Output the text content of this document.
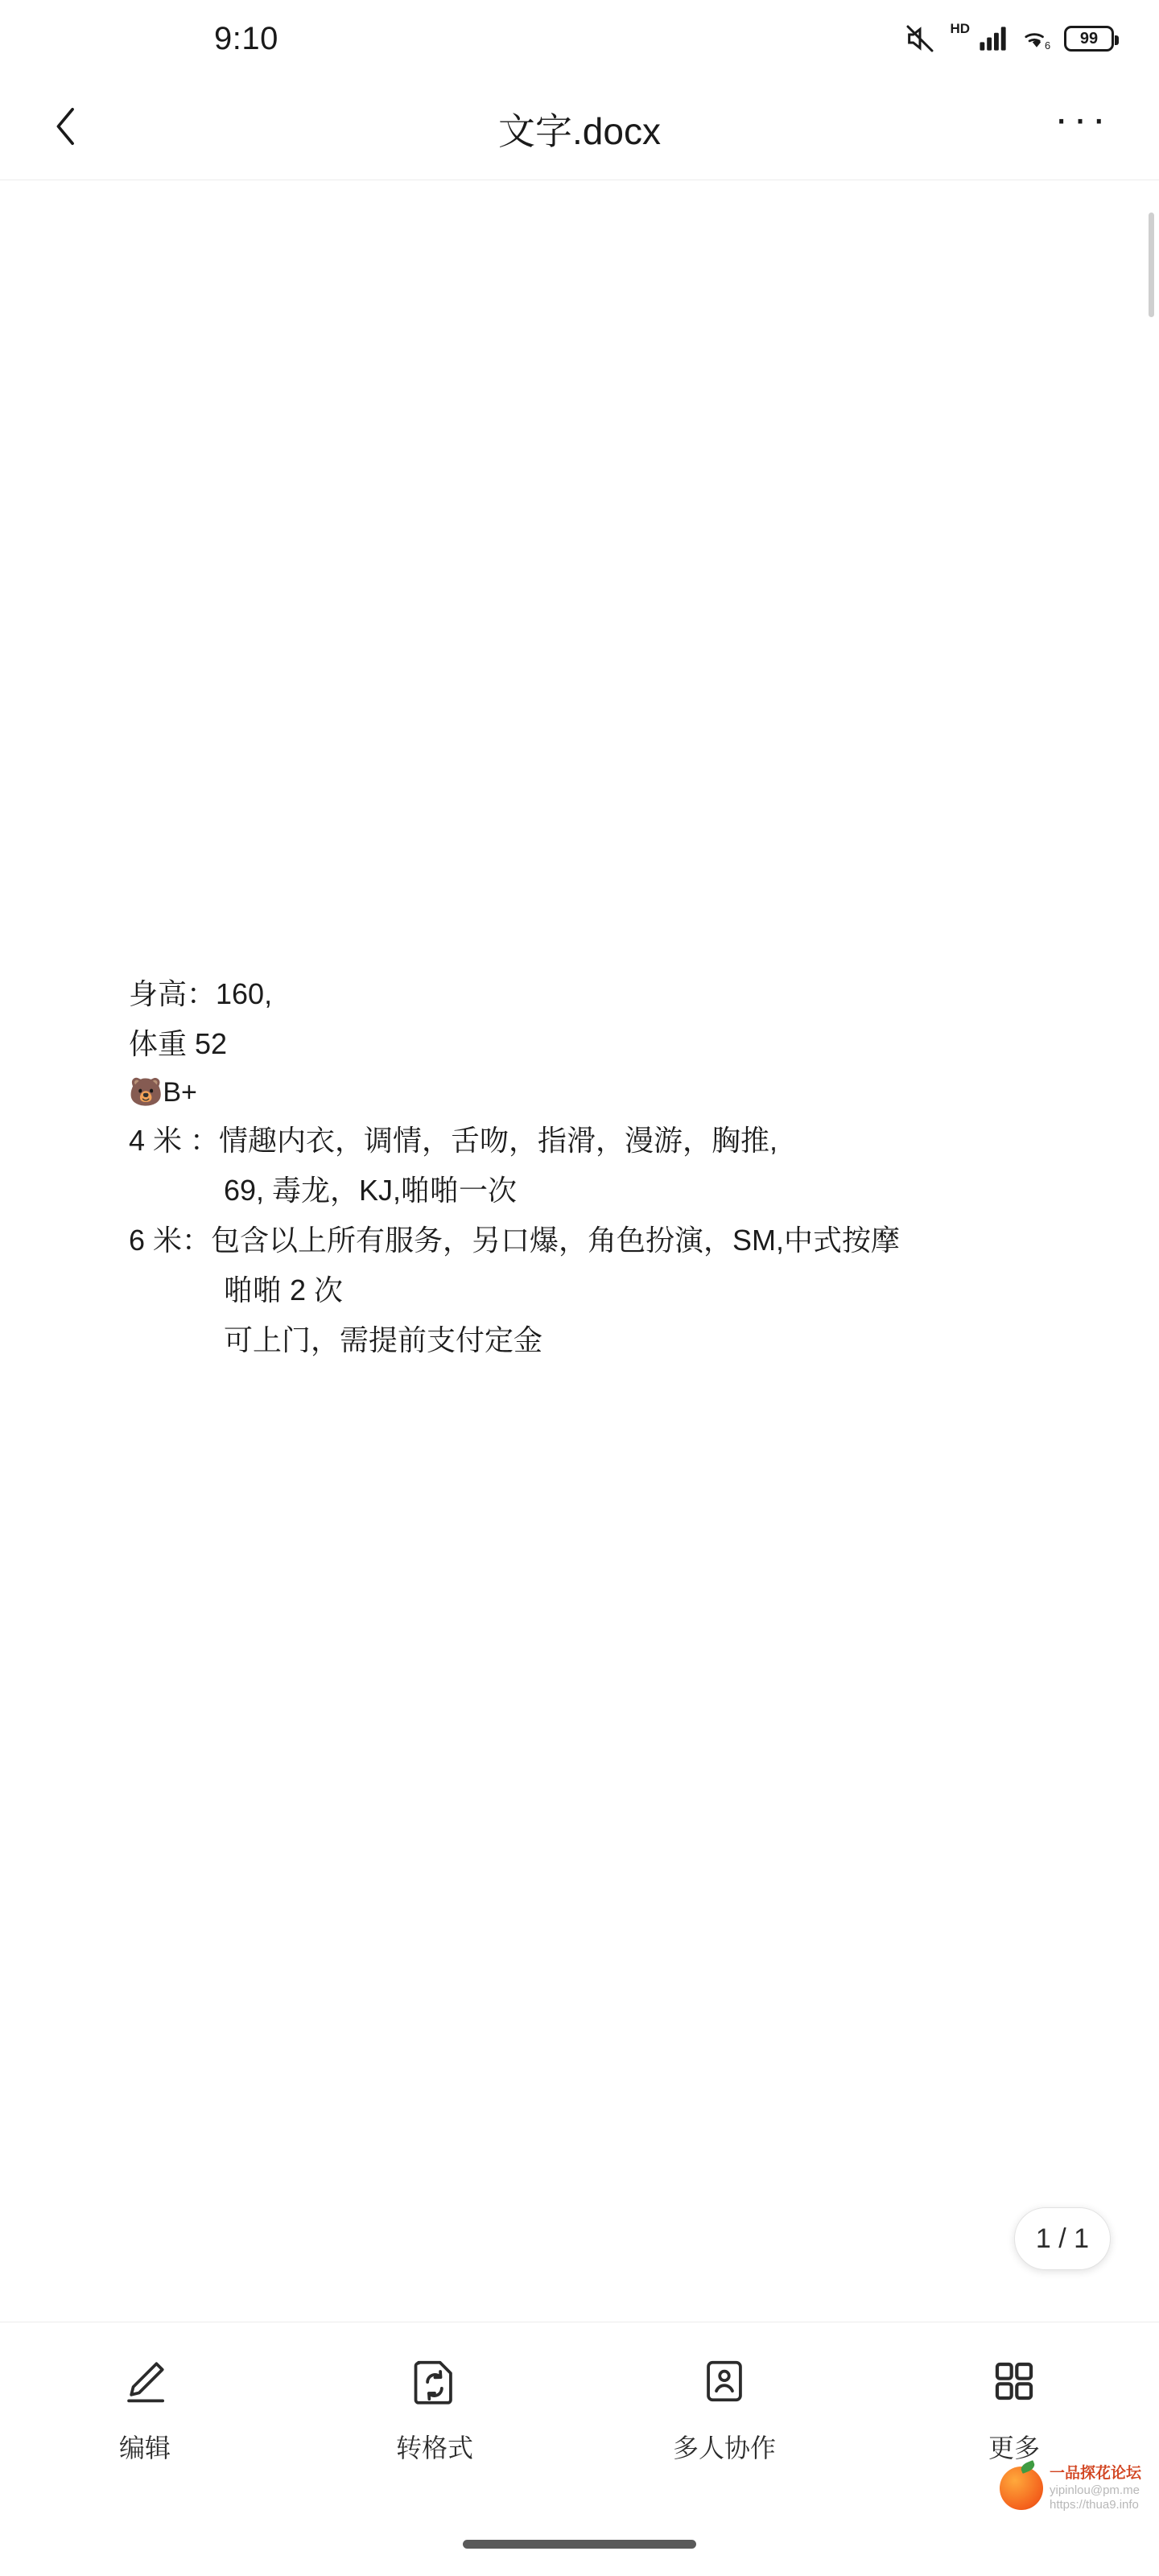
9:10	HD
6 99
文字.docx	···
身高：160,
体重 52
🐻B+
4 米 ：情趣内衣，调情，舌吻，指滑，漫游，胸推,
69, 毒龙，KJ,啪啪一次
6 米：包含以上所有服务，另口爆，角色扮演，SM,中式按摩
啪啪 2 次
可上门，需提前支付定金
1 / 1
编辑	转格式	多人协作	更多
一品探花论坛
yipinlou@pm.me
https://thua9.info
